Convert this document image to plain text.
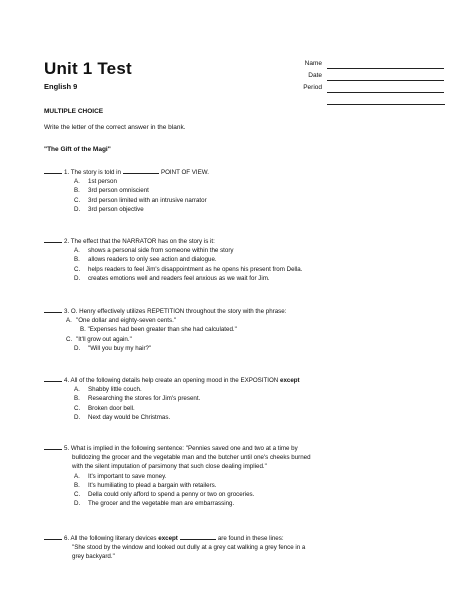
Unit 1 Test
English 9
Name
Date
Period
MULTIPLE CHOICE
Write the letter of the correct answer in the blank.
"The Gift of the Magi"
1. The story is told in	POINT OF VIEW.
A. 1st person
B. 3rd person omniscient
C. 3rd person limited with an intrusive narrator
D. 3rd person objective
2. The effect that the NARRATOR has on the story is it:
A. shows a personal side from someone within the story
B. allows readers to only see action and dialogue.
C. helps readers to feel Jim's disappointment as he opens his present from Della.
D. creates emotions well and readers feel anxious as we wait for Jim.
3. O. Henry effectively utilizes REPETITION throughout the story with the phrase:
A. "One dollar and eighty-seven cents."
B. "Expenses had been greater than she had calculated."
C. "It'll grow out again."
D. "Will you buy my hair?"
4. All of the following details help create an opening mood in the EXPOSITION except
A. Shabby little couch.
B. Researching the stores for Jim's present.
C. Broken door bell.
D. Next day would be Christmas.
5. What is implied in the following sentence: "Pennies saved one and two at a time by
bulldozing the grocer and the vegetable man and the butcher until one's cheeks burned
with the silent imputation of parsimony that such close dealing implied."
A. It's important to save money.
B. It's humiliating to plead a bargain with retailers.
C. Della could only afford to spend a penny or two on groceries.
D. The grocer and the vegetable man are embarrassing.
6. All the following literary devices except	are found in these lines:
"She stood by the window and looked out dully at a grey cat walking a grey fence in a
grey backyard."
